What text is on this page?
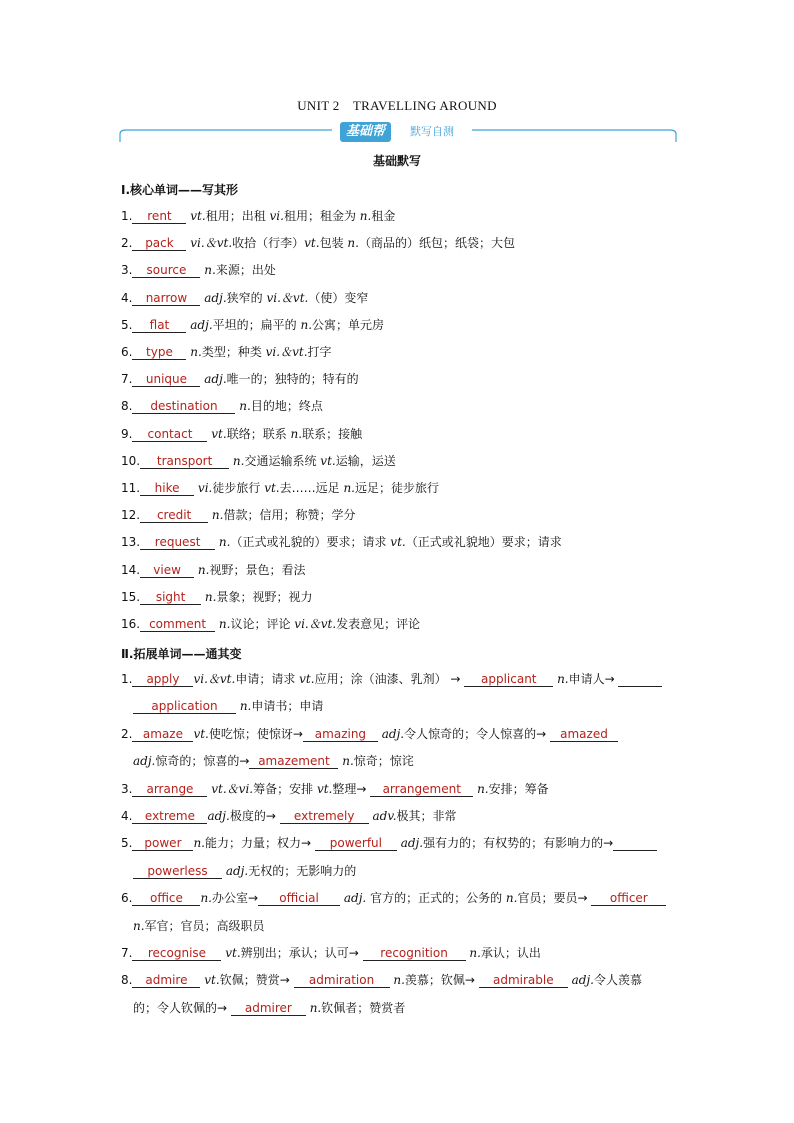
UNIT 2　TRAVELLING AROUND
基础帮	默写自测
基础默写
Ⅰ.核心单词——写其形
Ⅱ.拓展单词——通其变
1. rent vt.租用；出租 vi.租用；租金为 n.租金
2. pack vi.＆vt.收拾（行李）vt.包装 n.（商品的）纸包；纸袋；大包
3. source n.来源；出处
4. narrow adj.狭窄的 vi.＆vt.（使）变窄
5. flat adj.平坦的；扁平的 n.公寓；单元房
6. type n.类型；种类 vi.＆vt.打字
7. unique adj.唯一的；独特的；特有的
8. destination n.目的地；终点
9. contact vt.联络；联系 n.联系；接触
10. transport n.交通运输系统 vt.运输，运送
11. hike vi.徒步旅行 vt.去……远足 n.远足；徒步旅行
12. credit n.借款；信用；称赞；学分
13. request n.（正式或礼貌的）要求；请求 vt.（正式或礼貌地）要求；请求
14. view n.视野；景色；看法
15. sight n.景象；视野；视力
16. comment n.议论；评论 vi.＆vt.发表意见；评论
1. apply vi.＆vt.申请；请求 vt.应用；涂（油漆、乳剂） → applicant n.申请人→ 　
application n.申请书；申请
2. amaze vt.使吃惊；使惊讶→ amazing adj.令人惊奇的；令人惊喜的→ amazed
adj.惊奇的；惊喜的→ amazement n.惊奇；惊诧
3. arrange vt.＆vi.筹备；安排 vt.整理→ arrangement n.安排；筹备
4. extreme adj.极度的→ extremely adv.极其；非常
5. power n.能力；力量；权力→ powerful adj.强有力的；有权势的；有影响力的→　
powerless adj.无权的；无影响力的
6. office n.办公室→ official adj. 官方的；正式的；公务的 n.官员；要员→ officer
n.军官；官员；高级职员
7. recognise vt.辨别出；承认；认可→ recognition n.承认；认出
8. admire vt.钦佩；赞赏→ admiration n.羡慕；钦佩→ admirable adj.令人羡慕
的；令人钦佩的→ admirer n.钦佩者；赞赏者
